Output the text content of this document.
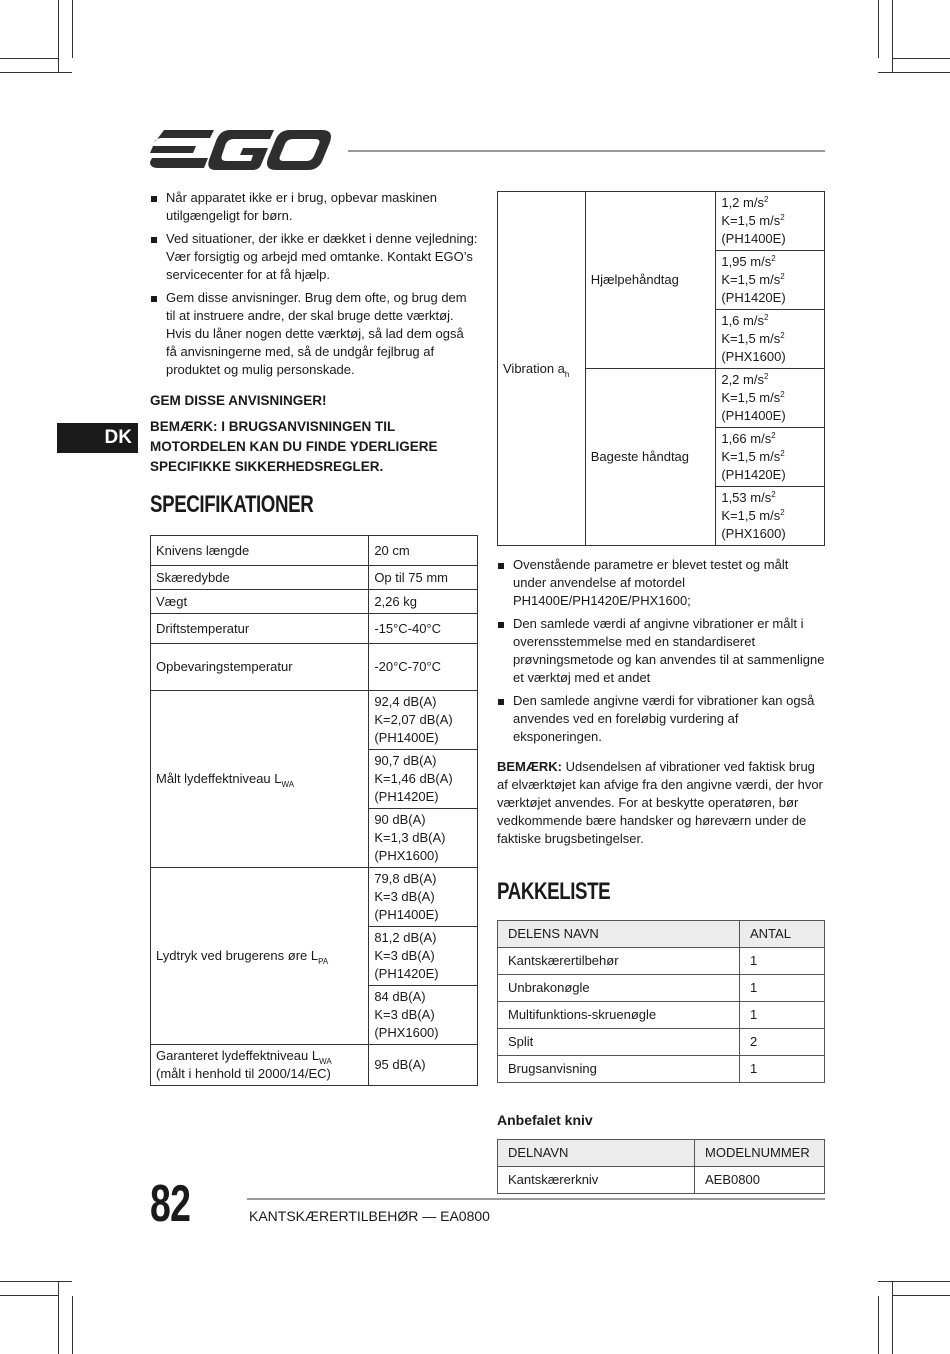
DK
Når apparatet ikke er i brug, opbevar maskinen utilgængeligt for børn.
Ved situationer, der ikke er dækket i denne vejledning: Vær forsigtig og arbejd med omtanke. Kontakt EGO’s servicecenter for at få hjælp.
Gem disse anvisninger. Brug dem ofte, og brug dem til at instruere andre, der skal bruge dette værktøj. Hvis du låner nogen dette værktøj, så lad dem også få anvisningerne med, så de undgår fejlbrug af produktet og mulig personskade.
GEM DISSE ANVISNINGER!
BEMÆRK: I BRUGSANVISNINGEN TIL MOTORDELEN KAN DU FINDE YDERLIGERE SPECIFIKKE SIKKERHEDSREGLER.
SPECIFIKATIONER
Knivens længde	20 cm
Skæredybde	Op til 75 mm
Vægt	2,26 kg
Driftstemperatur	-15°C-40°C
Opbevaringstemperatur	-20°C-70°C
Målt lydeffektniveau $L_{WA}$	92,4 dB(A)
K=2,07 dB(A)
(PH1400E)

	90,7 dB(A)
K=1,46 dB(A)
(PH1420E)

	90 dB(A)
K=1,3 dB(A)
(PHX1600)

Lydtryk ved brugerens øre $L_{PA}$	79,8 dB(A)
K=3 dB(A)
(PH1400E)

	81,2 dB(A)
K=3 dB(A)
(PH1420E)

	84 dB(A)
K=3 dB(A)
(PHX1600)

Garanteret lydeffektniveau $L_{WA}$
(målt i henhold til 2000/14/EC)	95 dB(A)
Vibration $a_h$	Hjælpehåndtag	1,2 $m/s^2$
K=1,5 $m/s^2$
(PH1400E)

		1,95 $m/s^2$
K=1,5 $m/s^2$
(PH1420E)

		1,6 $m/s^2$
K=1,5 $m/s^2$
(PHX1600)

	Bageste håndtag	2,2 $m/s^2$
K=1,5 $m/s^2$
(PH1400E)

		1,66 $m/s^2$
K=1,5 $m/s^2$
(PH1420E)

		1,53 $m/s^2$
K=1,5 $m/s^2$
(PHX1600)
Ovenstående parametre er blevet testet og målt under anvendelse af motordel PH1400E/PH1420E/PHX1600;
Den samlede værdi af angivne vibrationer er målt i overensstemmelse med en standardiseret prøvningsmetode og kan anvendes til at sammenligne et værktøj med et andet
Den samlede angivne værdi for vibrationer kan også anvendes ved en foreløbig vurdering af eksponeringen.

BEMÆRK: Udsendelsen af vibrationer ved faktisk brug af elværktøjet kan afvige fra den angivne værdi, der hvor værktøjet anvendes. For at beskytte operatøren, bør vedkommende bære handsker og høreværn under de faktiske brugsbetingelser.

PAKKELISTE
DELENS NAVN	ANTAL
Kantskærertilbehør	1
Unbrakonøgle	1
Multifunktions-skruenøgle	1
Split	2
Brugsanvisning	1
Anbefalet kniv
DELNAVN	MODELNUMMER
Kantskærerkniv	AEB0800
82	KANTSKÆRERTILBEHØR — EA0800
